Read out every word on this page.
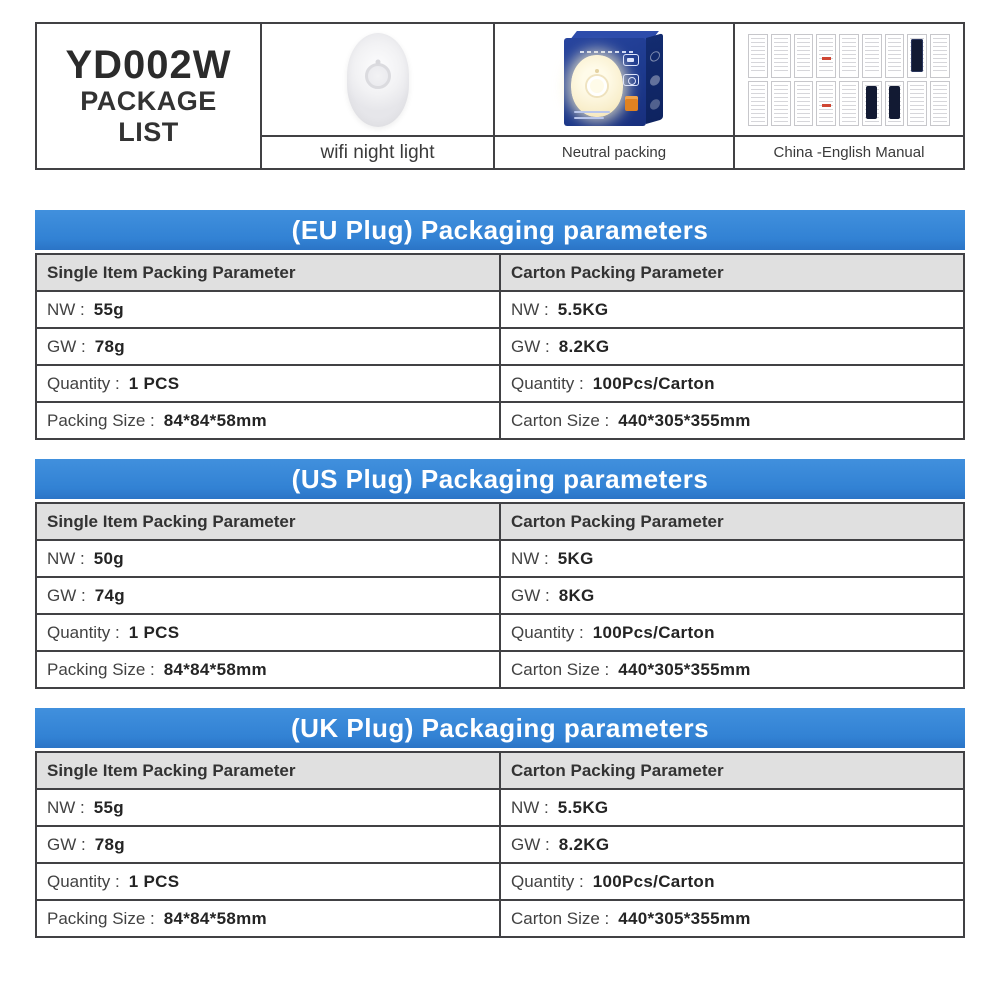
YD002W
PACKAGE
LIST
wifi night light	Neutral packing	China -English Manual
(EU Plug) Packaging parameters
Single Item Packing Parameter	Carton Packing Parameter
NW : 55g	NW : 5.5KG
GW : 78g	GW : 8.2KG
Quantity : 1 PCS	Quantity : 100Pcs/Carton
Packing Size : 84*84*58mm	Carton Size : 440*305*355mm
(US Plug) Packaging parameters
Single Item Packing Parameter	Carton Packing Parameter
NW : 50g	NW : 5KG
GW : 74g	GW : 8KG
Quantity : 1 PCS	Quantity : 100Pcs/Carton
Packing Size : 84*84*58mm	Carton Size : 440*305*355mm
(UK Plug) Packaging parameters
Single Item Packing Parameter	Carton Packing Parameter
NW : 55g	NW : 5.5KG
GW : 78g	GW : 8.2KG
Quantity : 1 PCS	Quantity : 100Pcs/Carton
Packing Size : 84*84*58mm	Carton Size : 440*305*355mm
